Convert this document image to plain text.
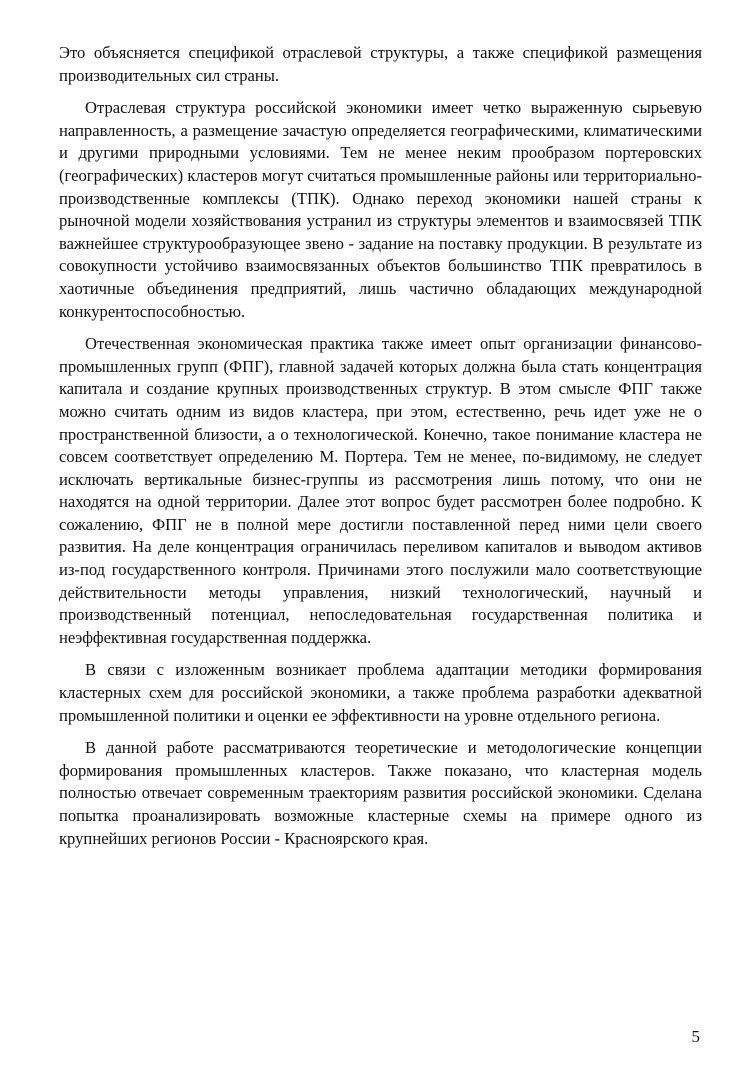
Это объясняется спецификой отраслевой структуры, а также спецификой размещения производительных сил страны.

Отраслевая структура российской экономики имеет четко выраженную сырьевую направленность, а размещение зачастую определяется географическими, климатическими и другими природными условиями. Тем не менее неким прообразом портеровских (географических) кластеров могут считаться промышленные районы или территориально-производственные комплексы (ТПК). Однако переход экономики нашей страны к рыночной модели хозяйствования устранил из структуры элементов и взаимосвязей ТПК важнейшее структурообразующее звено - задание на поставку продукции. В результате из совокупности устойчиво взаимосвязанных объектов большинство ТПК превратилось в хаотичные объединения предприятий, лишь частично обладающих международной конкурентоспособностью.

Отечественная экономическая практика также имеет опыт организации финансово-промышленных групп (ФПГ), главной задачей которых должна была стать концентрация капитала и создание крупных производственных структур. В этом смысле ФПГ также можно считать одним из видов кластера, при этом, естественно, речь идет уже не о пространственной близости, а о технологической. Конечно, такое понимание кластера не совсем соответствует определению М. Портера. Тем не менее, по-видимому, не следует исключать вертикальные бизнес-группы из рассмотрения лишь потому, что они не находятся на одной территории. Далее этот вопрос будет рассмотрен более подробно. К сожалению, ФПГ не в полной мере достигли поставленной перед ними цели своего развития. На деле концентрация ограничилась переливом капиталов и выводом активов из-под государственного контроля. Причинами этого послужили мало соответствующие действительности методы управления, низкий технологический, научный и производственный потенциал, непоследовательная государственная политика и неэффективная государственная поддержка.

В связи с изложенным возникает проблема адаптации методики формирования кластерных схем для российской экономики, а также проблема разработки адекватной промышленной политики и оценки ее эффективности на уровне отдельного региона.

В данной работе рассматриваются теоретические и методологические концепции формирования промышленных кластеров. Также показано, что кластерная модель полностью отвечает современным траекториям развития российской экономики. Сделана попытка проанализировать возможные кластерные схемы на примере одного из крупнейших регионов России - Красноярского края.

5
